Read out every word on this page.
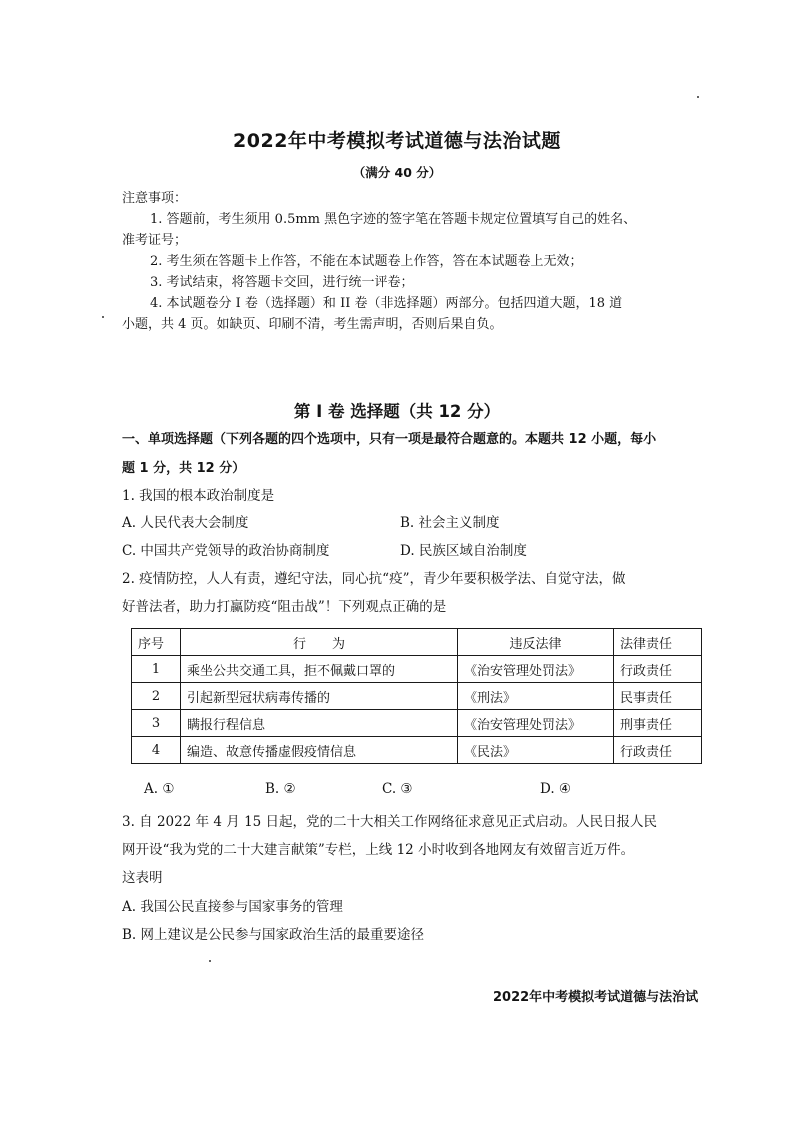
2022年中考模拟考试道德与法治试题
（满分 40 分）
注意事项：
1. 答题前，考生须用 0.5mm 黑色字迹的签字笔在答题卡规定位置填写自己的姓名、
准考证号；
2. 考生须在答题卡上作答，不能在本试题卷上作答，答在本试题卷上无效；
3. 考试结束，将答题卡交回，进行统一评卷；
4. 本试题卷分 I 卷（选择题）和 II 卷（非选择题）两部分。包括四道大题，18 道
小题，共 4 页。如缺页、印刷不清，考生需声明，否则后果自负。
第 I 卷 选择题（共 12 分）
一、单项选择题（下列各题的四个选项中，只有一项是最符合题意的。本题共 12 小题，每小
题 1 分，共 12 分）
1. 我国的根本政治制度是
A. 人民代表大会制度	B. 社会主义制度
C. 中国共产党领导的政治协商制度	D. 民族区域自治制度
2. 疫情防控，人人有责，遵纪守法，同心抗“疫”，青少年要积极学法、自觉守法，做
好普法者，助力打赢防疫“阻击战”！下列观点正确的是
序号	行　　为	违反法律	法律责任
1	乘坐公共交通工具，拒不佩戴口罩的	《治安管理处罚法》	行政责任
2	引起新型冠状病毒传播的	《刑法》	民事责任
3	瞒报行程信息	《治安管理处罚法》	刑事责任
4	编造、故意传播虚假疫情信息	《民法》	行政责任
A. ①	B. ②	C. ③	D. ④
3. 自 2022 年 4 月 15 日起，党的二十大相关工作网络征求意见正式启动。人民日报人民
网开设“我为党的二十大建言献策”专栏，上线 12 小时收到各地网友有效留言近万件。
这表明
A. 我国公民直接参与国家事务的管理
B. 网上建议是公民参与国家政治生活的最重要途径
2022年中考模拟考试道德与法治试
